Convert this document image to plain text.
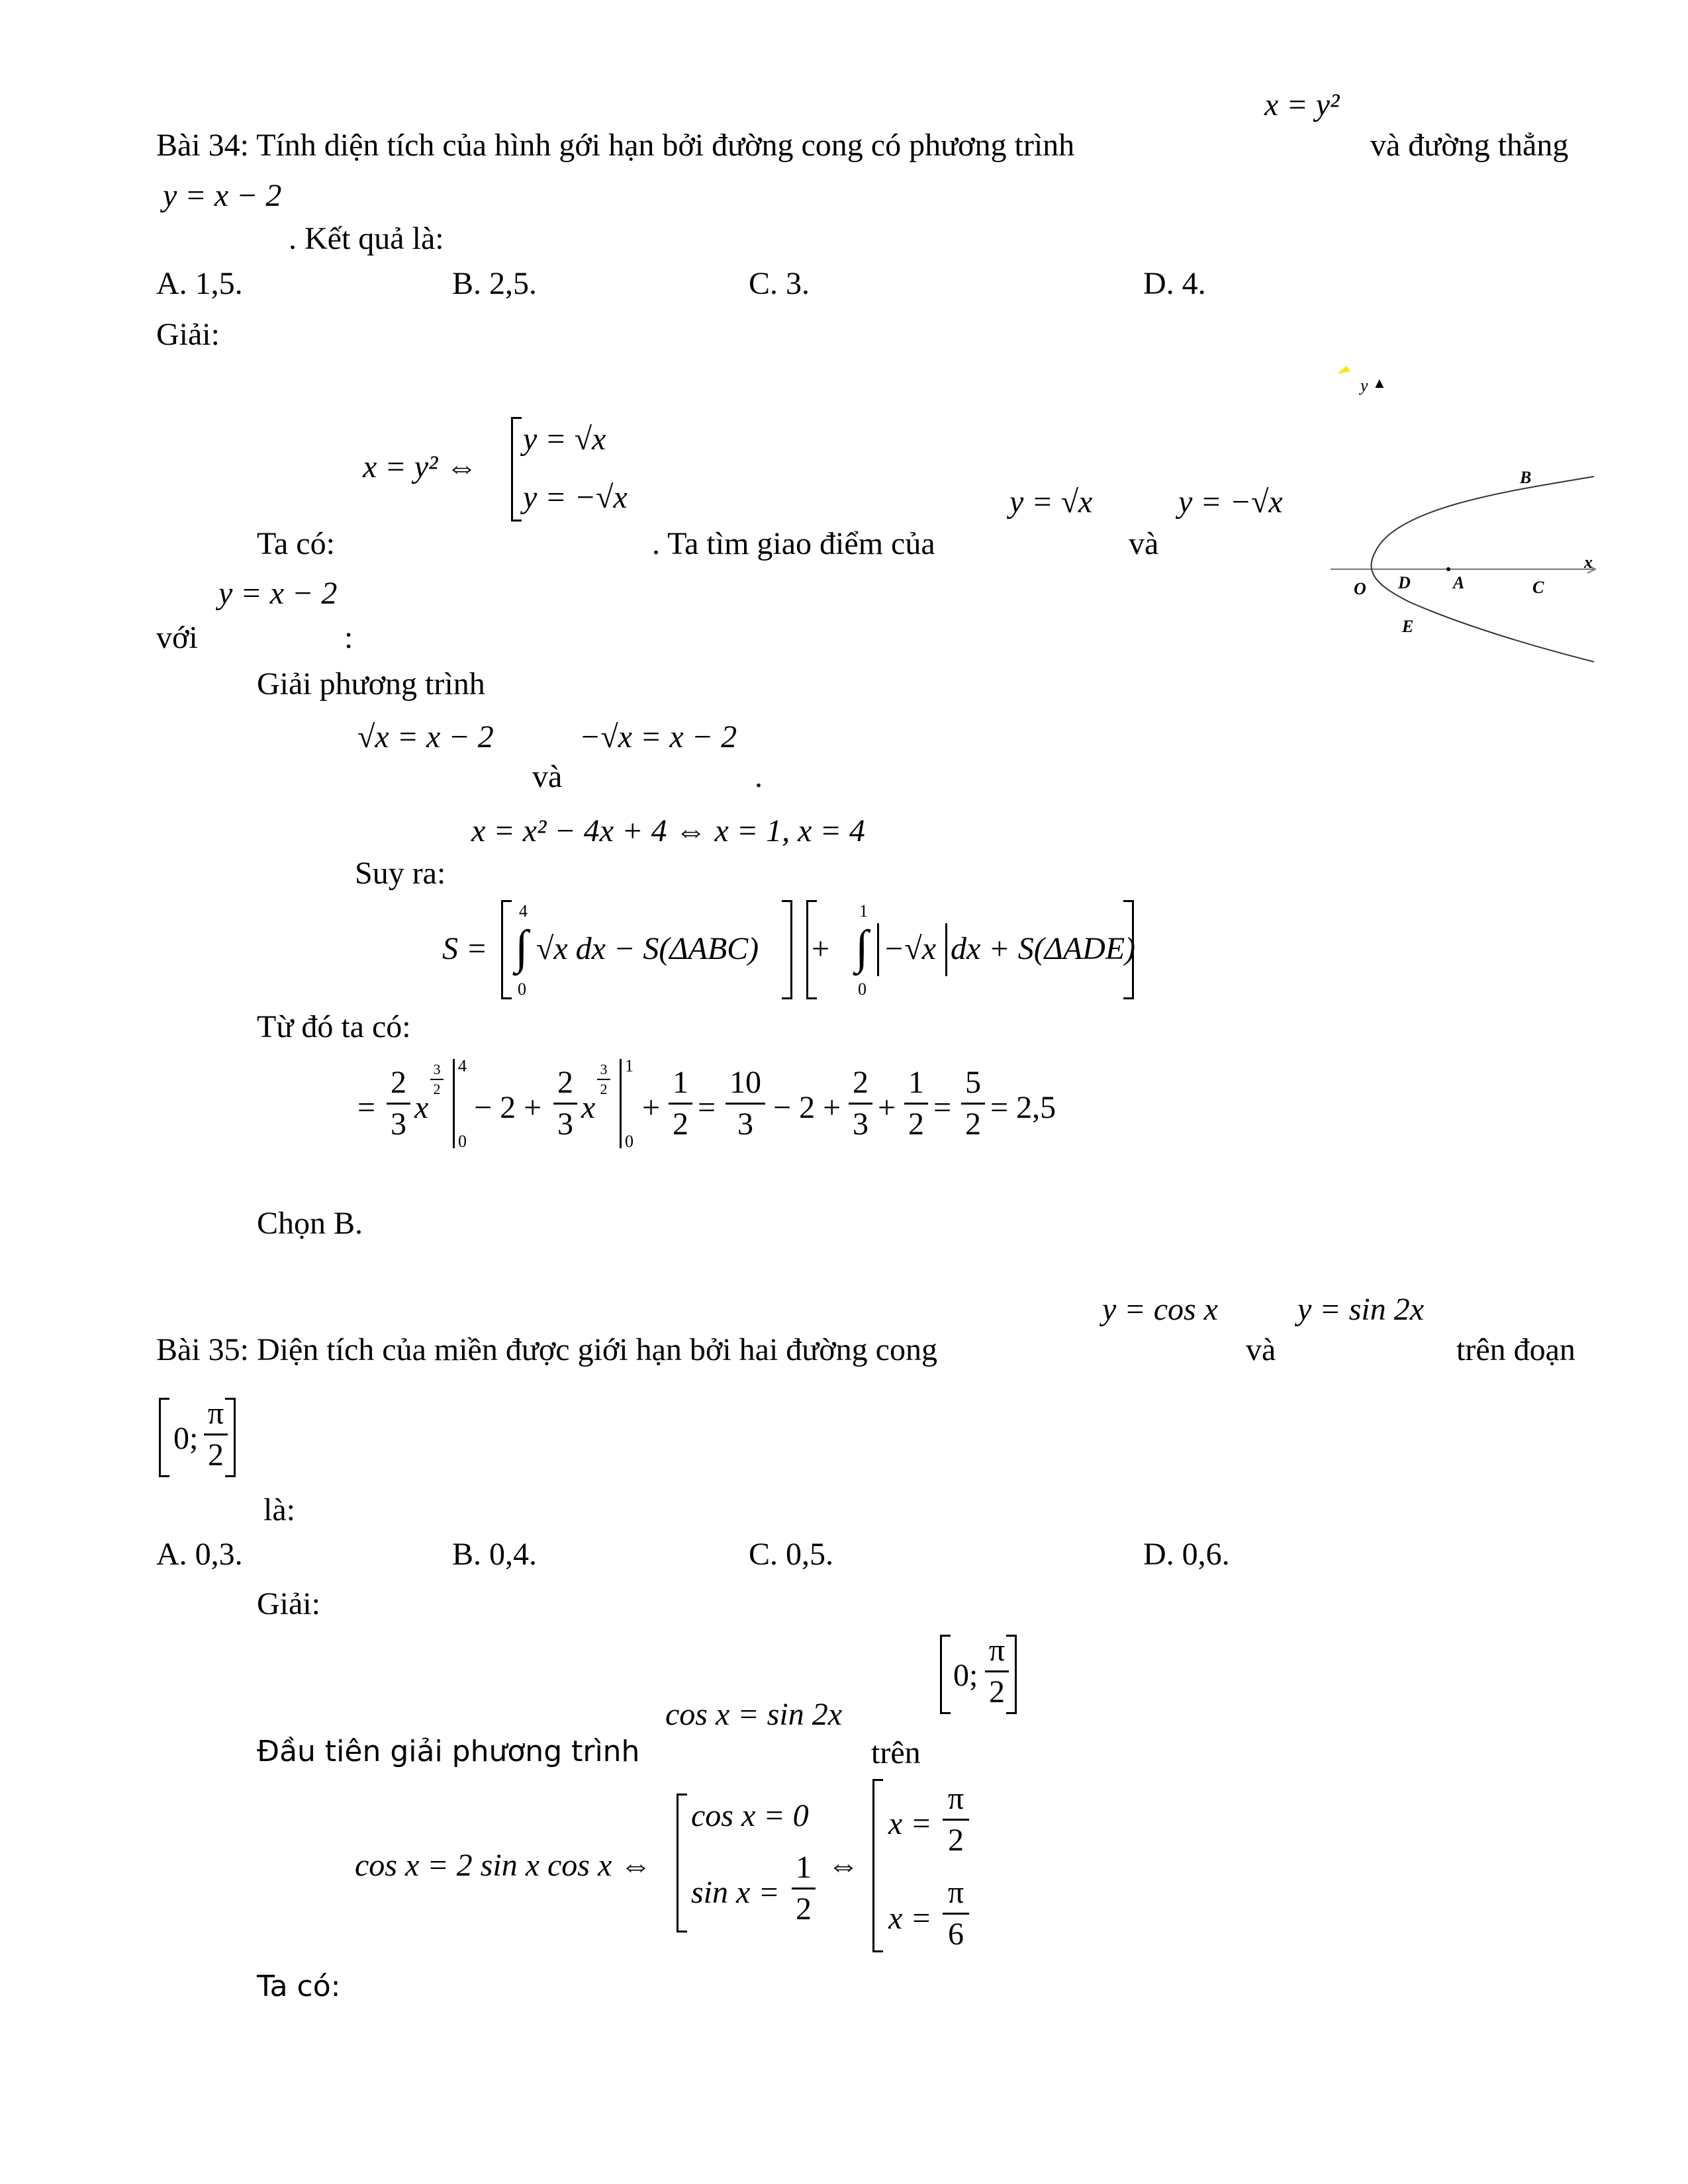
x = y²
Bài 34: Tính diện tích của hình gới hạn bởi đường cong có phương trình	và đường thẳng
y = x − 2
. Kết quả là:
A. 1,5.	B. 2,5.	C. 3.	D. 4.
Giải:
x = y² ⇔
y = √x
y = −√x	y = √x	y = −√x
Ta có:	. Ta tìm giao điểm của	và
y = x − 2
với	:
Giải phương trình
√x = x − 2	−√x = x − 2
và	.
x = x² − 4x + 4 ⇔ x = 1, x = 4
Suy ra:
S =
4
∫
0
√x dx − S(ΔABC) +
1
∫
0
−√x dx + S(ΔADE)
Từ đó ta có:
=
2
3 x
3
2
4
0
− 2 +
2
3 x
3
2
1
0
+
1
2 =
10
3 − 2 +
2
3 +
1
2 =
5
2 = 2,5
Chọn B.
y ▲
x
O D A	C
B
E
y = cos x	y = sin 2x
Bài 35: Diện tích của miền được giới hạn bởi hai đường cong	và	trên đoạn
0;
π
2
là:
A. 0,3.	B. 0,4.	C. 0,5.	D. 0,6.
Giải:
0;
π
2
cos x = sin 2x
Đầu tiên giải phương trình	trên
cos x = 2 sin x cos x ⇔
cos x = 0
sin x =
1
2
⇔
x =
π
2
x =
π
6
Ta có:
